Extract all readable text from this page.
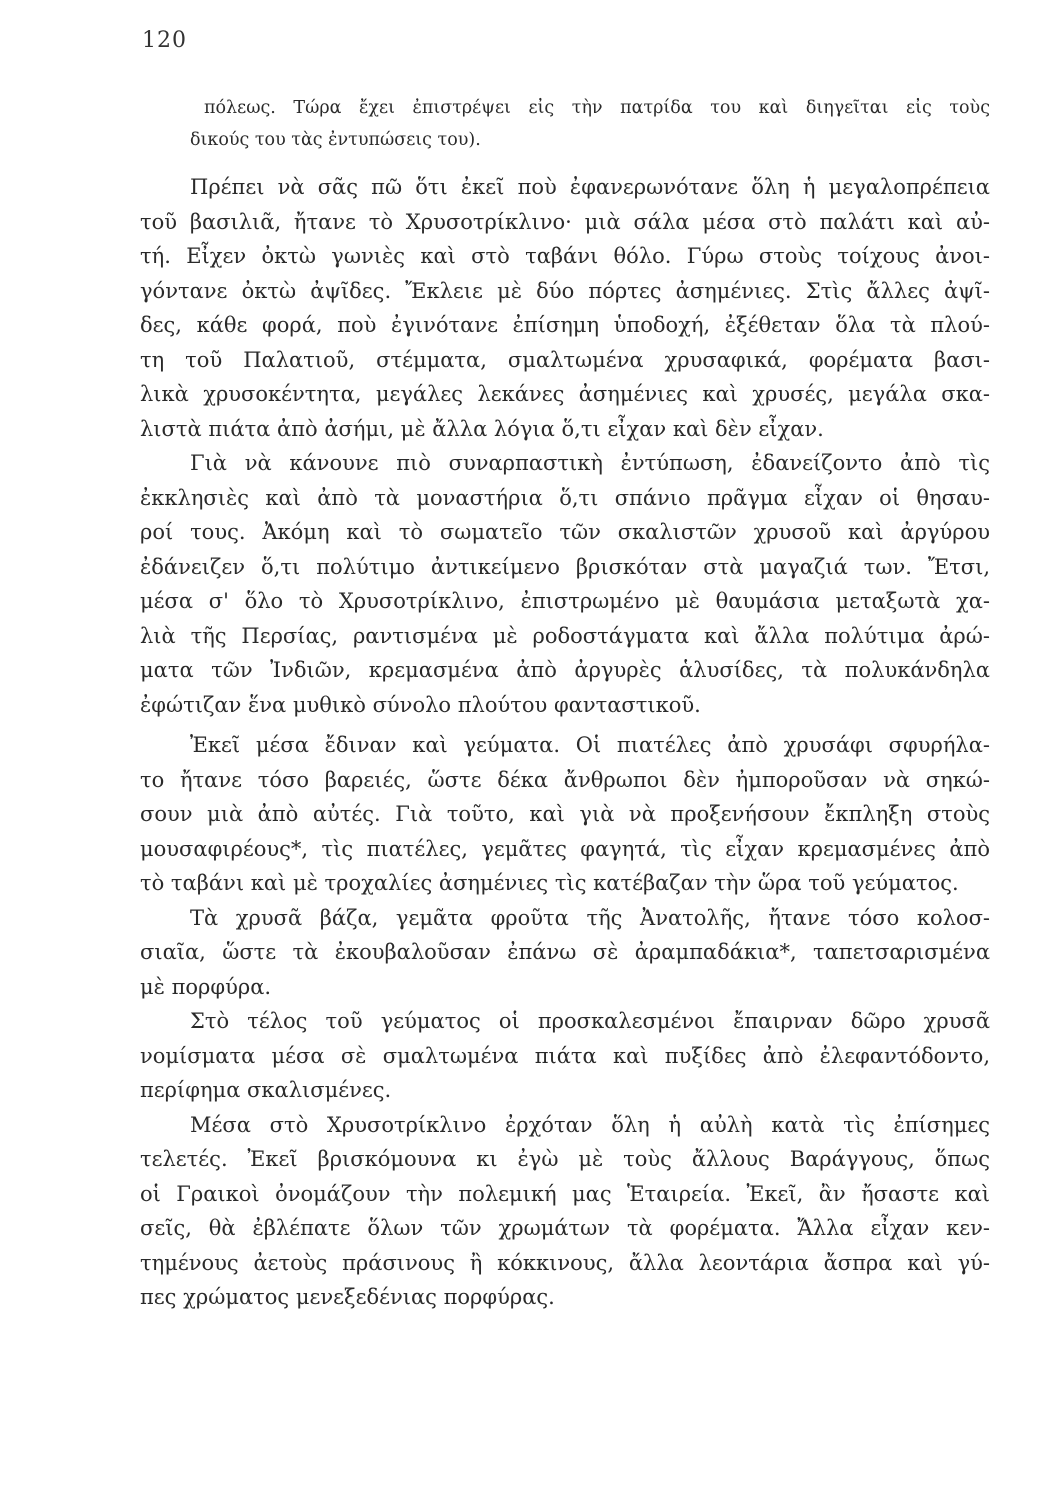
120
πόλεως. Τώρα ἔχει ἐπιστρέψει εἰς τὴν πατρίδα του καὶ διηγεῖται εἰς τοὺς
δικούς του τὰς ἐντυπώσεις του).
Πρέπει νὰ σᾶς πῶ ὅτι ἐκεῖ ποὺ ἐφανερωνότανε ὅλη ἡ μεγαλοπρέπεια
τοῦ βασιλιᾶ, ἤτανε τὸ Χρυσοτρίκλινο· μιὰ σάλα μέσα στὸ παλάτι καὶ αὐ-
τή. Εἶχεν ὀκτὼ γωνιὲς καὶ στὸ ταβάνι θόλο. Γύρω στοὺς τοίχους ἀνοι-
γόντανε ὀκτὼ ἀψῖδες. Ἔκλειε μὲ δύο πόρτες ἀσημένιες. Στὶς ἄλλες ἀψῖ-
δες, κάθε φορά, ποὺ ἐγινότανε ἐπίσημη ὑποδοχή, ἐξέθεταν ὅλα τὰ πλού-
τη τοῦ Παλατιοῦ, στέμματα, σμαλτωμένα χρυσαφικά, φορέματα βασι-
λικὰ χρυσοκέντητα, μεγάλες λεκάνες ἀσημένιες καὶ χρυσές, μεγάλα σκα-
λιστὰ πιάτα ἀπὸ ἀσήμι, μὲ ἄλλα λόγια ὅ,τι εἶχαν καὶ δὲν εἶχαν.
Γιὰ νὰ κάνουνε πιὸ συναρπαστικὴ ἐντύπωση, ἐδανείζοντο ἀπὸ τὶς
ἐκκλησιὲς καὶ ἀπὸ τὰ μοναστήρια ὅ,τι σπάνιο πρᾶγμα εἶχαν οἱ θησαυ-
ροί τους. Ἀκόμη καὶ τὸ σωματεῖο τῶν σκαλιστῶν χρυσοῦ καὶ ἀργύρου
ἐδάνειζεν ὅ,τι πολύτιμο ἀντικείμενο βρισκόταν στὰ μαγαζιά των. Ἔτσι,
μέσα σ' ὅλο τὸ Χρυσοτρίκλινο, ἐπιστρωμένο μὲ θαυμάσια μεταξωτὰ χα-
λιὰ τῆς Περσίας, ραντισμένα μὲ ροδοστάγματα καὶ ἄλλα πολύτιμα ἀρώ-
ματα τῶν Ἰνδιῶν, κρεμασμένα ἀπὸ ἀργυρὲς ἁλυσίδες, τὰ πολυκάνδηλα
ἐφώτιζαν ἕνα μυθικὸ σύνολο πλούτου φανταστικοῦ.
Ἐκεῖ μέσα ἔδιναν καὶ γεύματα. Οἱ πιατέλες ἀπὸ χρυσάφι σφυρήλα-
το ἤτανε τόσο βαρειές, ὥστε δέκα ἄνθρωποι δὲν ἠμποροῦσαν νὰ σηκώ-
σουν μιὰ ἀπὸ αὐτές. Γιὰ τοῦτο, καὶ γιὰ νὰ προξενήσουν ἔκπληξη στοὺς
μουσαφιρέους*, τὶς πιατέλες, γεμᾶτες φαγητά, τὶς εἶχαν κρεμασμένες ἀπὸ
τὸ ταβάνι καὶ μὲ τροχαλίες ἀσημένιες τὶς κατέβαζαν τὴν ὥρα τοῦ γεύματος.
Τὰ χρυσᾶ βάζα, γεμᾶτα φροῦτα τῆς Ἀνατολῆς, ἤτανε τόσο κολοσ-
σιαῖα, ὥστε τὰ ἐκουβαλοῦσαν ἐπάνω σὲ ἀραμπαδάκια*, ταπετσαρισμένα
μὲ πορφύρα.
Στὸ τέλος τοῦ γεύματος οἱ προσκαλεσμένοι ἔπαιρναν δῶρο χρυσᾶ
νομίσματα μέσα σὲ σμαλτωμένα πιάτα καὶ πυξίδες ἀπὸ ἐλεφαντόδοντο,
περίφημα σκαλισμένες.
Μέσα στὸ Χρυσοτρίκλινο ἐρχόταν ὅλη ἡ αὐλὴ κατὰ τὶς ἐπίσημες
τελετές. Ἐκεῖ βρισκόμουνα κι ἐγὼ μὲ τοὺς ἄλλους Βαράγγους, ὅπως
οἱ Γραικοὶ ὀνομάζουν τὴν πολεμική μας Ἑταιρεία. Ἐκεῖ, ἂν ἤσαστε καὶ
σεῖς, θὰ ἐβλέπατε ὅλων τῶν χρωμάτων τὰ φορέματα. Ἄλλα εἶχαν κεν-
τημένους ἀετοὺς πράσινους ἢ κόκκινους, ἄλλα λεοντάρια ἄσπρα καὶ γύ-
πες χρώματος μενεξεδένιας πορφύρας.
